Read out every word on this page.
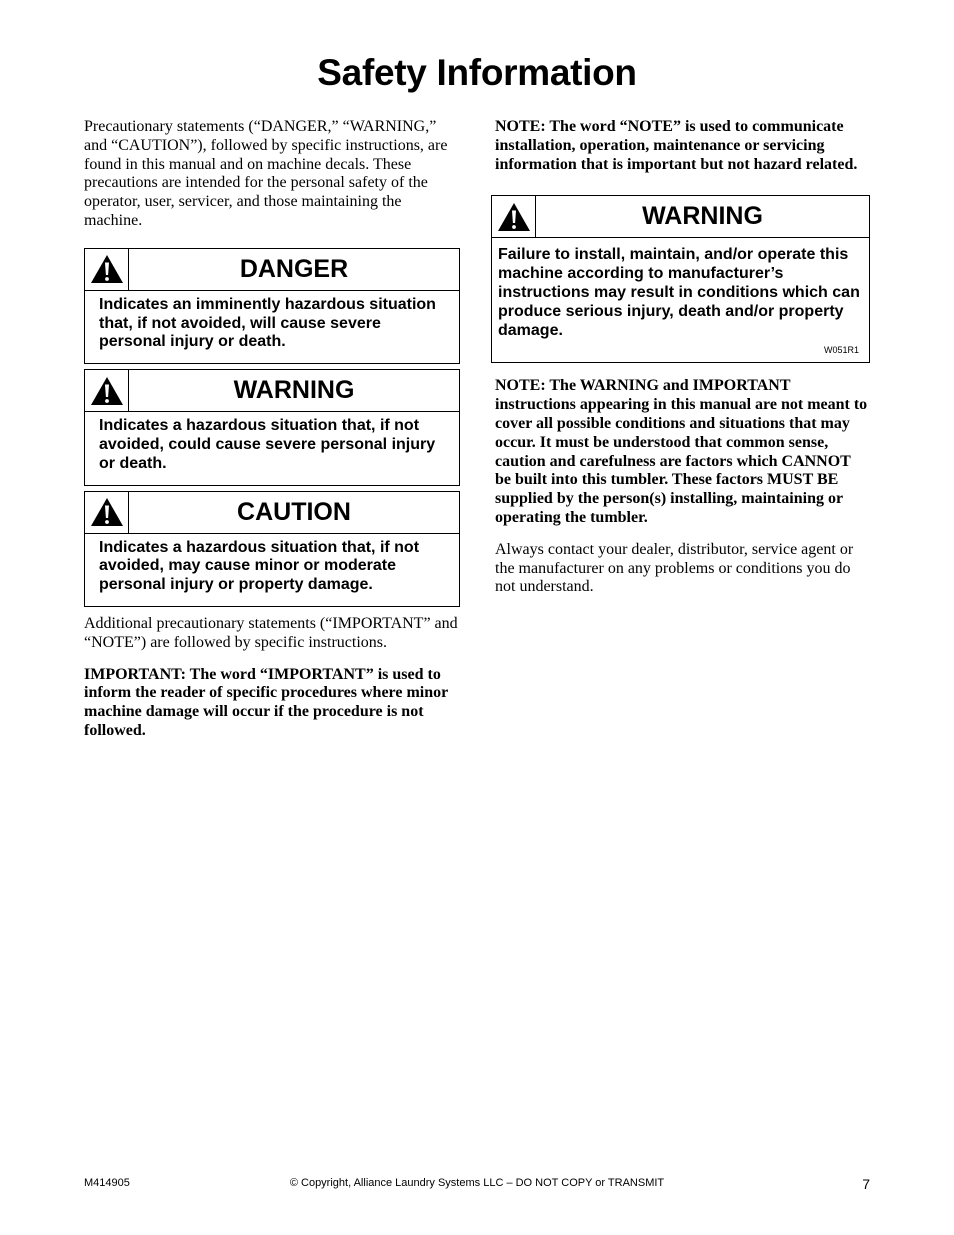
Safety Information

Precautionary statements (“DANGER,” “WARNING,” and “CAUTION”), followed by specific instructions, are found in this manual and on machine decals. These precautions are intended for the personal safety of the operator, user, servicer, and those maintaining the machine.

DANGER
Indicates an imminently hazardous situation that, if not avoided, will cause severe personal injury or death.
WARNING
Indicates a hazardous situation that, if not avoided, could cause severe personal injury or death.
CAUTION
Indicates a hazardous situation that, if not avoided, may cause minor or moderate personal injury or property damage.

Additional precautionary statements (“IMPORTANT” and “NOTE”) are followed by specific instructions.

IMPORTANT: The word “IMPORTANT” is used to inform the reader of specific procedures where minor machine damage will occur if the procedure is not followed.

NOTE: The word “NOTE” is used to communicate installation, operation, maintenance or servicing information that is important but not hazard related.

WARNING
Failure to install, maintain, and/or operate this machine according to manufacturer’s instructions may result in conditions which can produce serious injury, death and/or property damage.
W051R1

NOTE: The WARNING and IMPORTANT instructions appearing in this manual are not meant to cover all possible conditions and situations that may occur. It must be understood that common sense, caution and carefulness are factors which CANNOT be built into this tumbler. These factors MUST BE supplied by the person(s) installing, maintaining or operating the tumbler.

Always contact your dealer, distributor, service agent or the manufacturer on any problems or conditions you do not understand.

M414905	© Copyright, Alliance Laundry Systems LLC – DO NOT COPY or TRANSMIT	7
